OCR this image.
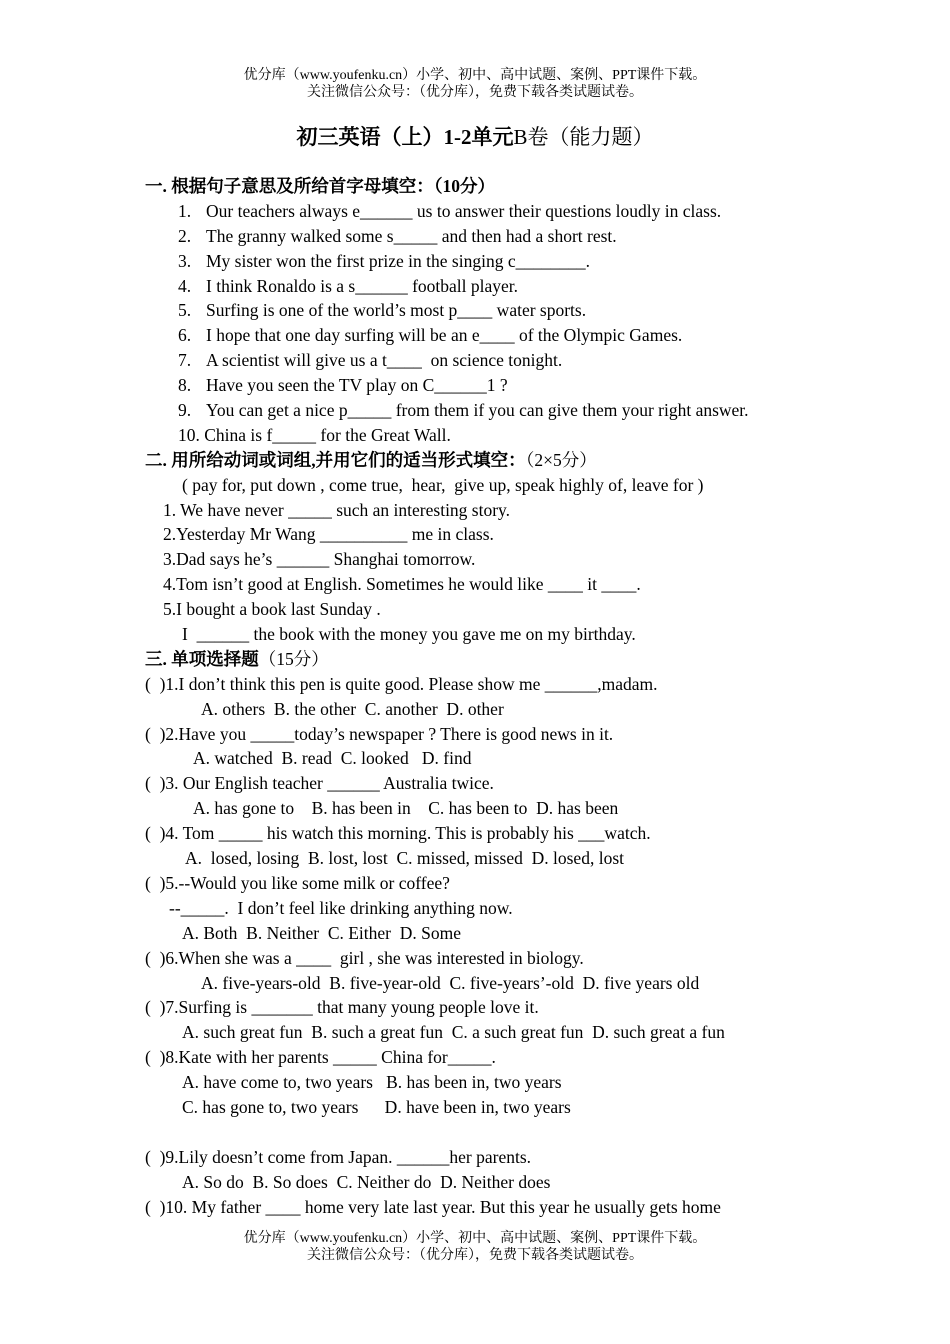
优分库（www.youfenku.cn）小学、初中、高中试题、案例、PPT课件下载。
关注微信公众号：（优分库），免费下载各类试题试卷。
初三英语（上）1-2单元B卷（能力题）
一. 根据句子意思及所给首字母填空：（10分）
1. Our teachers always e______ us to answer their questions loudly in class.
2. The granny walked some s_____ and then had a short rest.
3. My sister won the first prize in the singing c________.
4. I think Ronaldo is a s______ football player.
5. Surfing is one of the world’s most p____ water sports.
6. I hope that one day surfing will be an e____ of the Olympic Games.
7. A scientist will give us a t____  on science tonight.
8. Have you seen the TV play on C______1 ?
9. You can get a nice p_____ from them if you can give them your right answer.
10. China is f_____ for the Great Wall.
二. 用所给动词或词组,并用它们的适当形式填空：（2×5分）
( pay for, put down , come true,  hear,  give up, speak highly of, leave for )
1. We have never _____ such an interesting story.
2.Yesterday Mr Wang __________ me in class.
3.Dad says he’s ______ Shanghai tomorrow.
4.Tom isn’t good at English. Sometimes he would like ____ it ____.
5.I bought a book last Sunday .
I  ______ the book with the money you gave me on my birthday.
三. 单项选择题（15分）
(  )1.I don’t think this pen is quite good. Please show me ______,madam.
A. others  B. the other  C. another  D. other
(  )2.Have you _____today’s newspaper ? There is good news in it.
A. watched  B. read  C. looked   D. find
(  )3. Our English teacher ______ Australia twice.
A. has gone to    B. has been in    C. has been to  D. has been
(  )4. Tom _____ his watch this morning. This is probably his ___watch.
A.  losed, losing  B. lost, lost  C. missed, missed  D. losed, lost
(  )5.--Would you like some milk or coffee?
--_____.  I don’t feel like drinking anything now.
A. Both  B. Neither  C. Either  D. Some
(  )6.When she was a ____  girl , she was interested in biology.
A. five-years-old  B. five-year-old  C. five-years’-old  D. five years old
(  )7.Surfing is _______ that many young people love it.
A. such great fun  B. such a great fun  C. a such great fun  D. such great a fun
(  )8.Kate with her parents _____ China for_____.
A. have come to, two years   B. has been in, two years
C. has gone to, two years      D. have been in, two years
(  )9.Lily doesn’t come from Japan. ______her parents.
A. So do  B. So does  C. Neither do  D. Neither does
(  )10. My father ____ home very late last year. But this year he usually gets home
优分库（www.youfenku.cn）小学、初中、高中试题、案例、PPT课件下载。
关注微信公众号：（优分库），免费下载各类试题试卷。
